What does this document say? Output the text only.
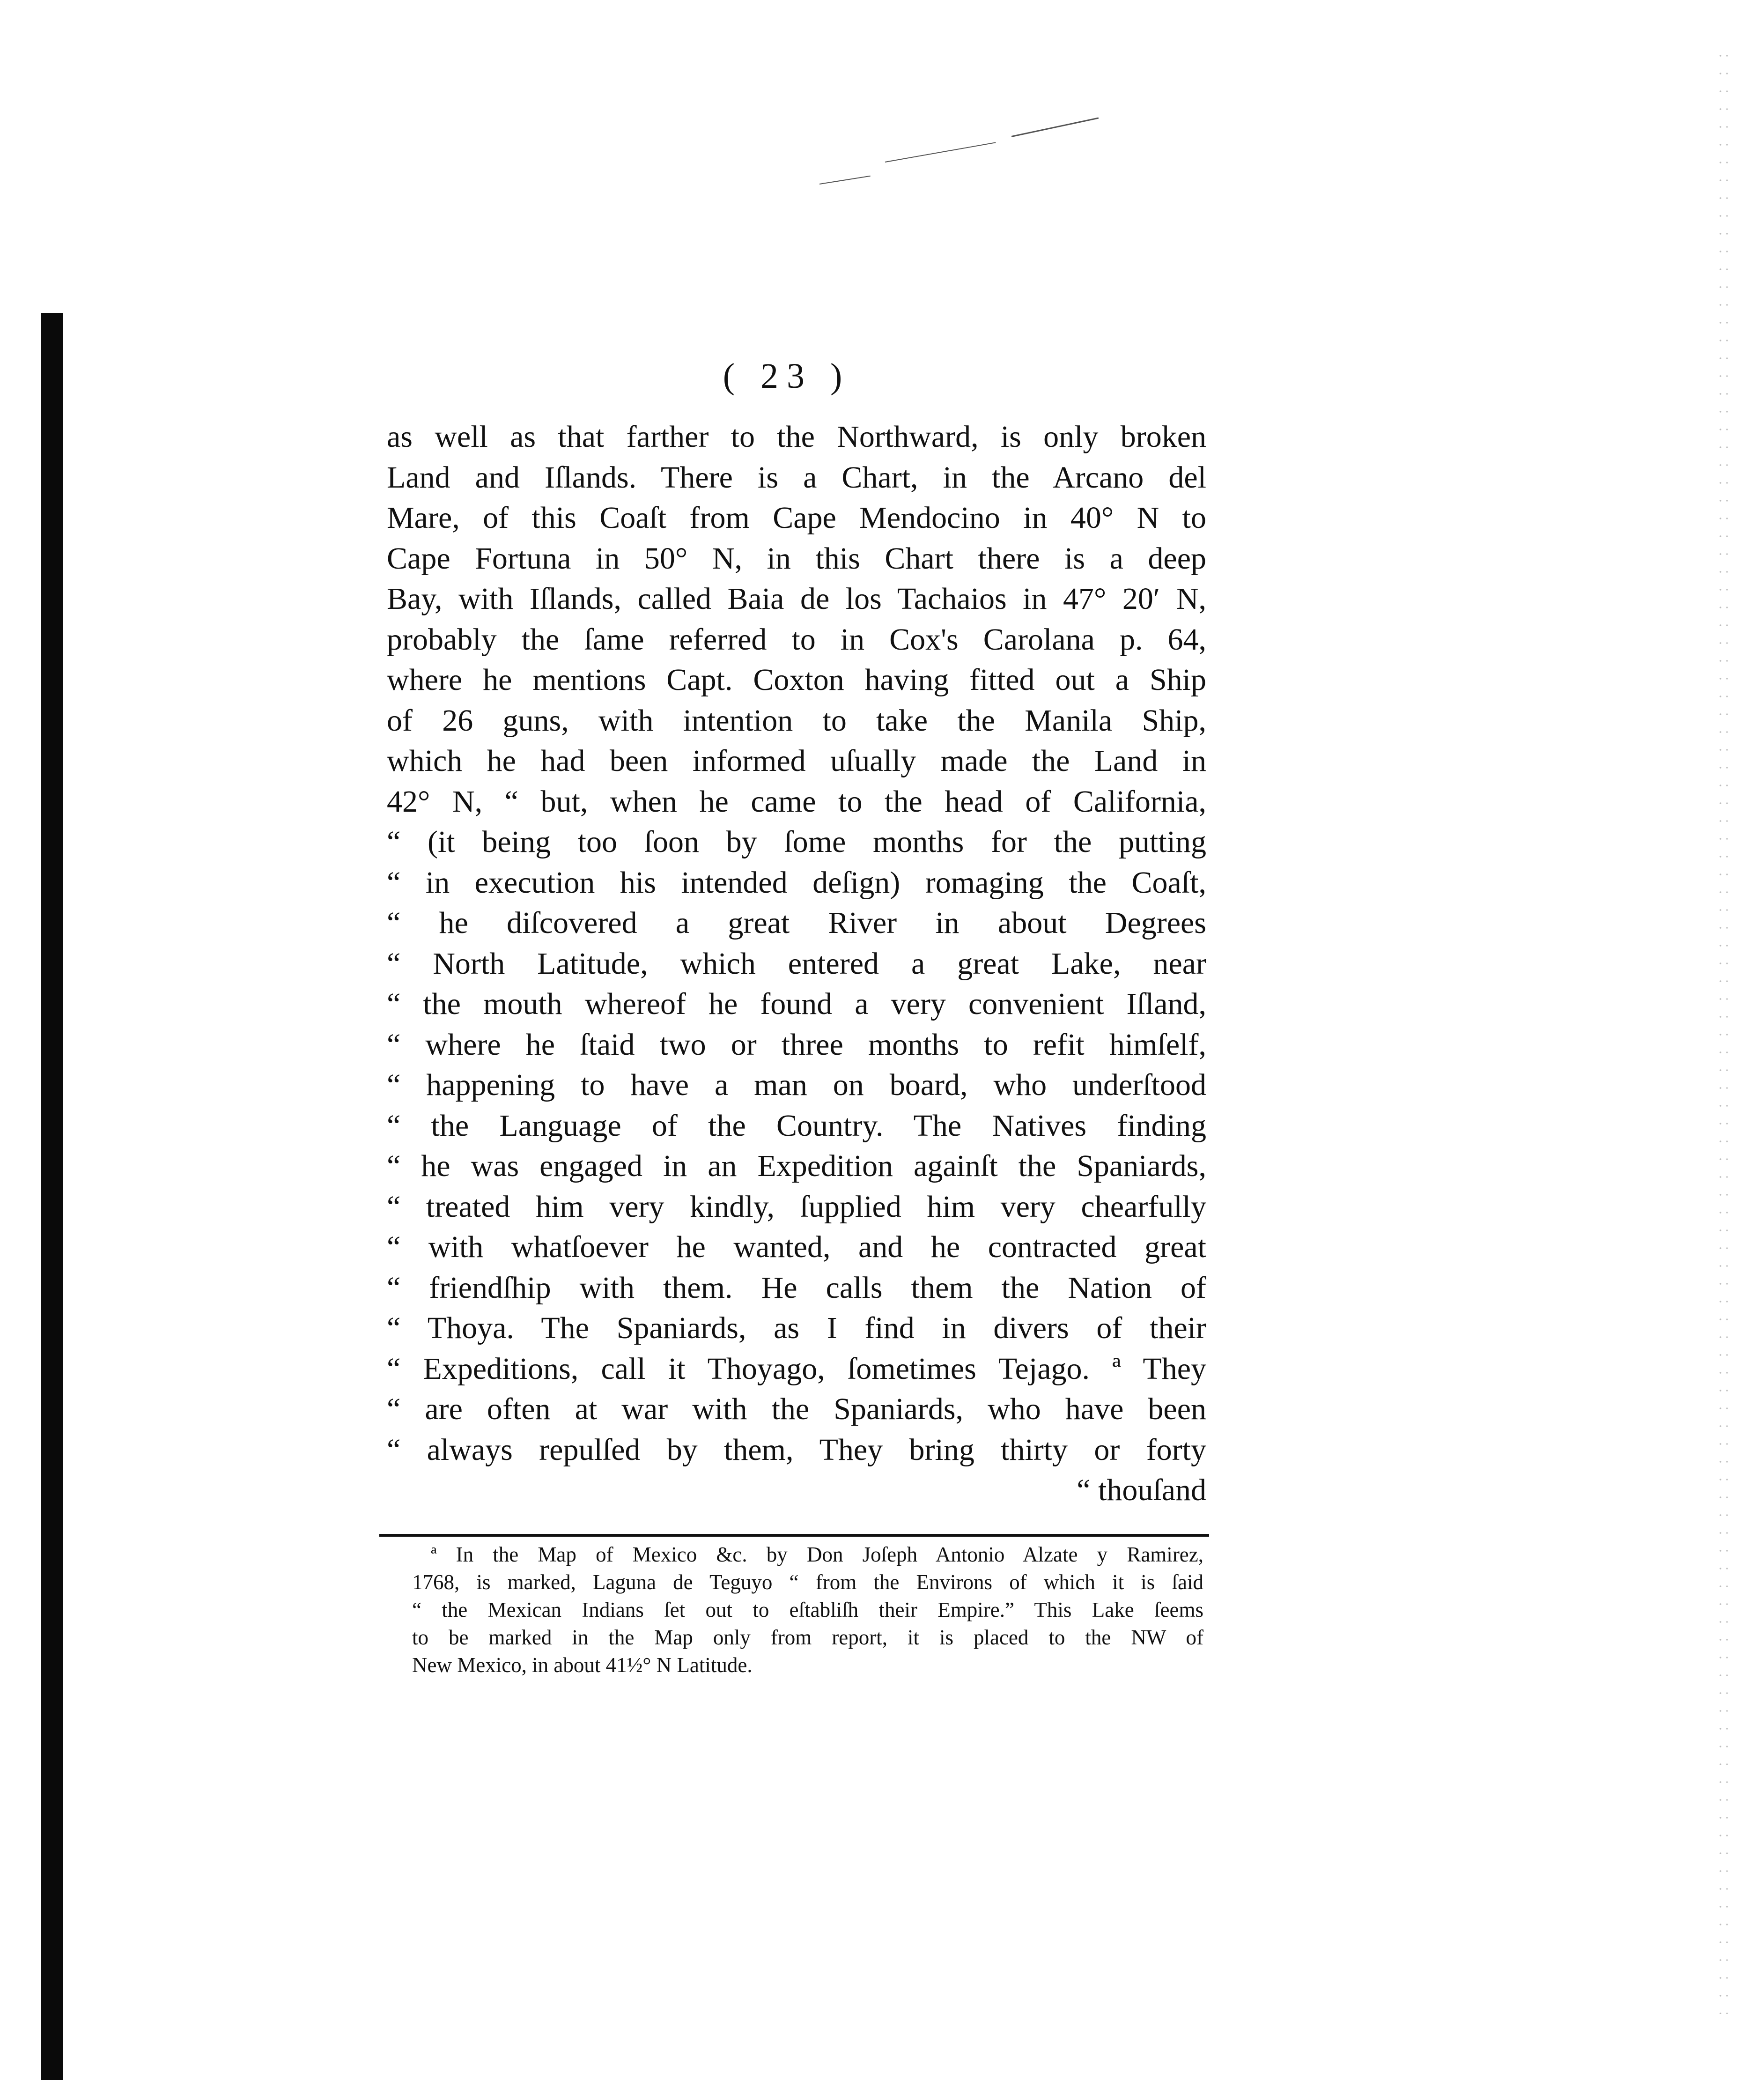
( 23 )
as well as that farther to the Northward, is only broken
Land and Iſlands. There is a Chart, in the Arcano del
Mare, of this Coaſt from Cape Mendocino in 40° N to
Cape Fortuna in 50° N, in this Chart there is a deep
Bay, with Iſlands, called Baia de los Tachaios in 47° 20′ N,
probably the ſame referred to in Cox's Carolana p. 64,
where he mentions Capt. Coxton having fitted out a Ship
of 26 guns, with intention to take the Manila Ship,
which he had been informed uſually made the Land in
42° N, “ but, when he came to the head of California,
“ (it being too ſoon by ſome months for the putting
“ in execution his intended deſign) romaging the Coaſt,
“ he diſcovered a great River in about Degrees
“ North Latitude, which entered a great Lake, near
“ the mouth whereof he found a very convenient Iſland,
“ where he ſtaid two or three months to refit himſelf,
“ happening to have a man on board, who underſtood
“ the Language of the Country. The Natives finding
“ he was engaged in an Expedition againſt the Spaniards,
“ treated him very kindly, ſupplied him very chearfully
“ with whatſoever he wanted, and he contracted great
“ friendſhip with them. He calls them the Nation of
“ Thoya. The Spaniards, as I find in divers of their
“ Expeditions, call it Thoyago, ſometimes Tejago. ª They
“ are often at war with the Spaniards, who have been
“ always repulſed by them, They bring thirty or forty
“ thouſand
ª In the Map of Mexico &c. by Don Joſeph Antonio Alzate y Ramirez,
1768, is marked, Laguna de Teguyo “ from the Environs of which it is ſaid
“ the Mexican Indians ſet out to eſtabliſh their Empire.” This Lake ſeems
to be marked in the Map only from report, it is placed to the NW of
New Mexico, in about 41½° N Latitude.
